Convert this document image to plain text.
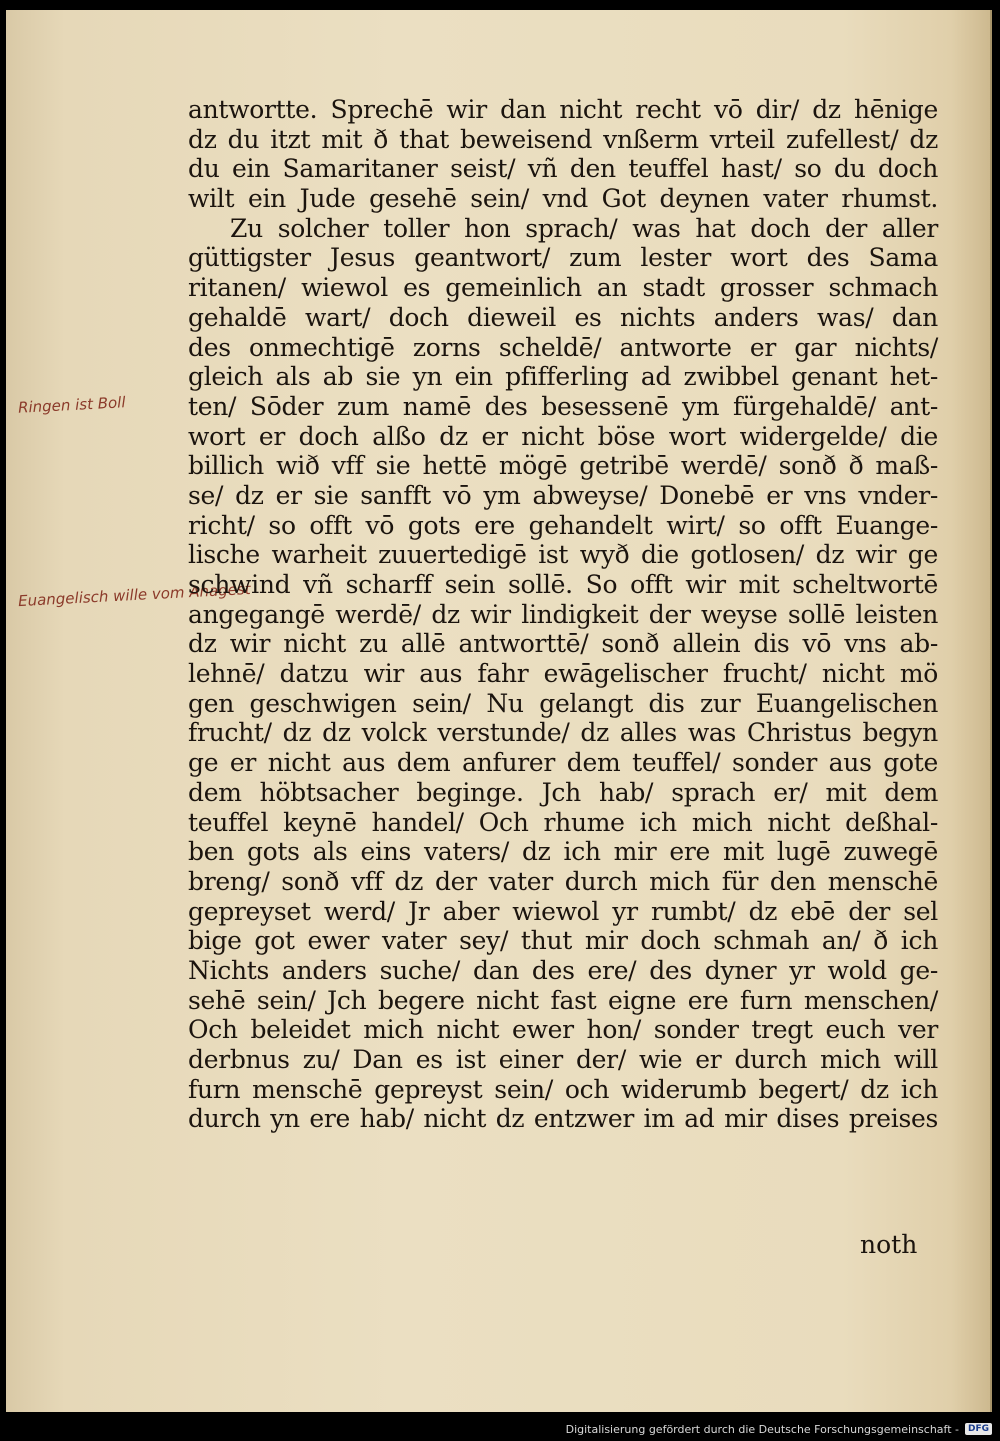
Ringen ist Boll
Euangelisch wille vom Anagest
antwortte. Sprechē wir dan nicht recht vō dir/ dz hēnige
dz du itzt mit ð that beweisend vnßerm vrteil zufellest/ dz
du ein Samaritaner seist/ vñ den teuffel hast/ so du doch
wilt ein Jude gesehē sein/ vnd Got deynen vater rhumst.
Zu solcher toller hon sprach/ was hat doch der aller
güttigster Jesus geantwort/ zum lester wort des Sama
ritanen/ wiewol es gemeinlich an stadt grosser schmach
gehaldē wart/ doch dieweil es nichts anders was/ dan
des onmechtigē zorns scheldē/ antworte er gar nichts/
gleich als ab sie yn ein pfifferling ad zwibbel genant het-
ten/ Sōder zum namē des besessenē ym fürgehaldē/ ant-
wort er doch alßo dz er nicht böse wort widergelde/ die
billich wið vff sie hettē mögē getribē werdē/ sonð ð maß-
se/ dz er sie sanfft vō ym abweyse/ Donebē er vns vnder-
richt/ so offt vō gots ere gehandelt wirt/ so offt Euange-
lische warheit zuuertedigē ist wyð die gotlosen/ dz wir ge
schwind vñ scharff sein sollē. So offt wir mit scheltwortē
angegangē werdē/ dz wir lindigkeit der weyse sollē leisten
dz wir nicht zu allē antworttē/ sonð allein dis vō vns ab-
lehnē/ datzu wir aus fahr ewāgelischer frucht/ nicht mö
gen geschwigen sein/ Nu gelangt dis zur Euangelischen
frucht/ dz dz volck verstunde/ dz alles was Christus begyn
ge er nicht aus dem anfurer dem teuffel/ sonder aus gote
dem höbtsacher beginge. Jch hab/ sprach er/ mit dem
teuffel keynē handel/ Och rhume ich mich nicht deßhal-
ben gots als eins vaters/ dz ich mir ere mit lugē zuwegē
breng/ sonð vff dz der vater durch mich für den menschē
gepreyset werd/ Jr aber wiewol yr rumbt/ dz ebē der sel
bige got ewer vater sey/ thut mir doch schmah an/ ð ich
Nichts anders suche/ dan des ere/ des dyner yr wold ge-
sehē sein/ Jch begere nicht fast eigne ere furn menschen/
Och beleidet mich nicht ewer hon/ sonder tregt euch ver
derbnus zu/ Dan es ist einer der/ wie er durch mich will
furn menschē gepreyst sein/ och widerumb begert/ dz ich
durch yn ere hab/ nicht dz entzwer im ad mir dises preises
noth
Digitalisierung gefördert durch die Deutsche Forschungsgemeinschaft -	DFG
